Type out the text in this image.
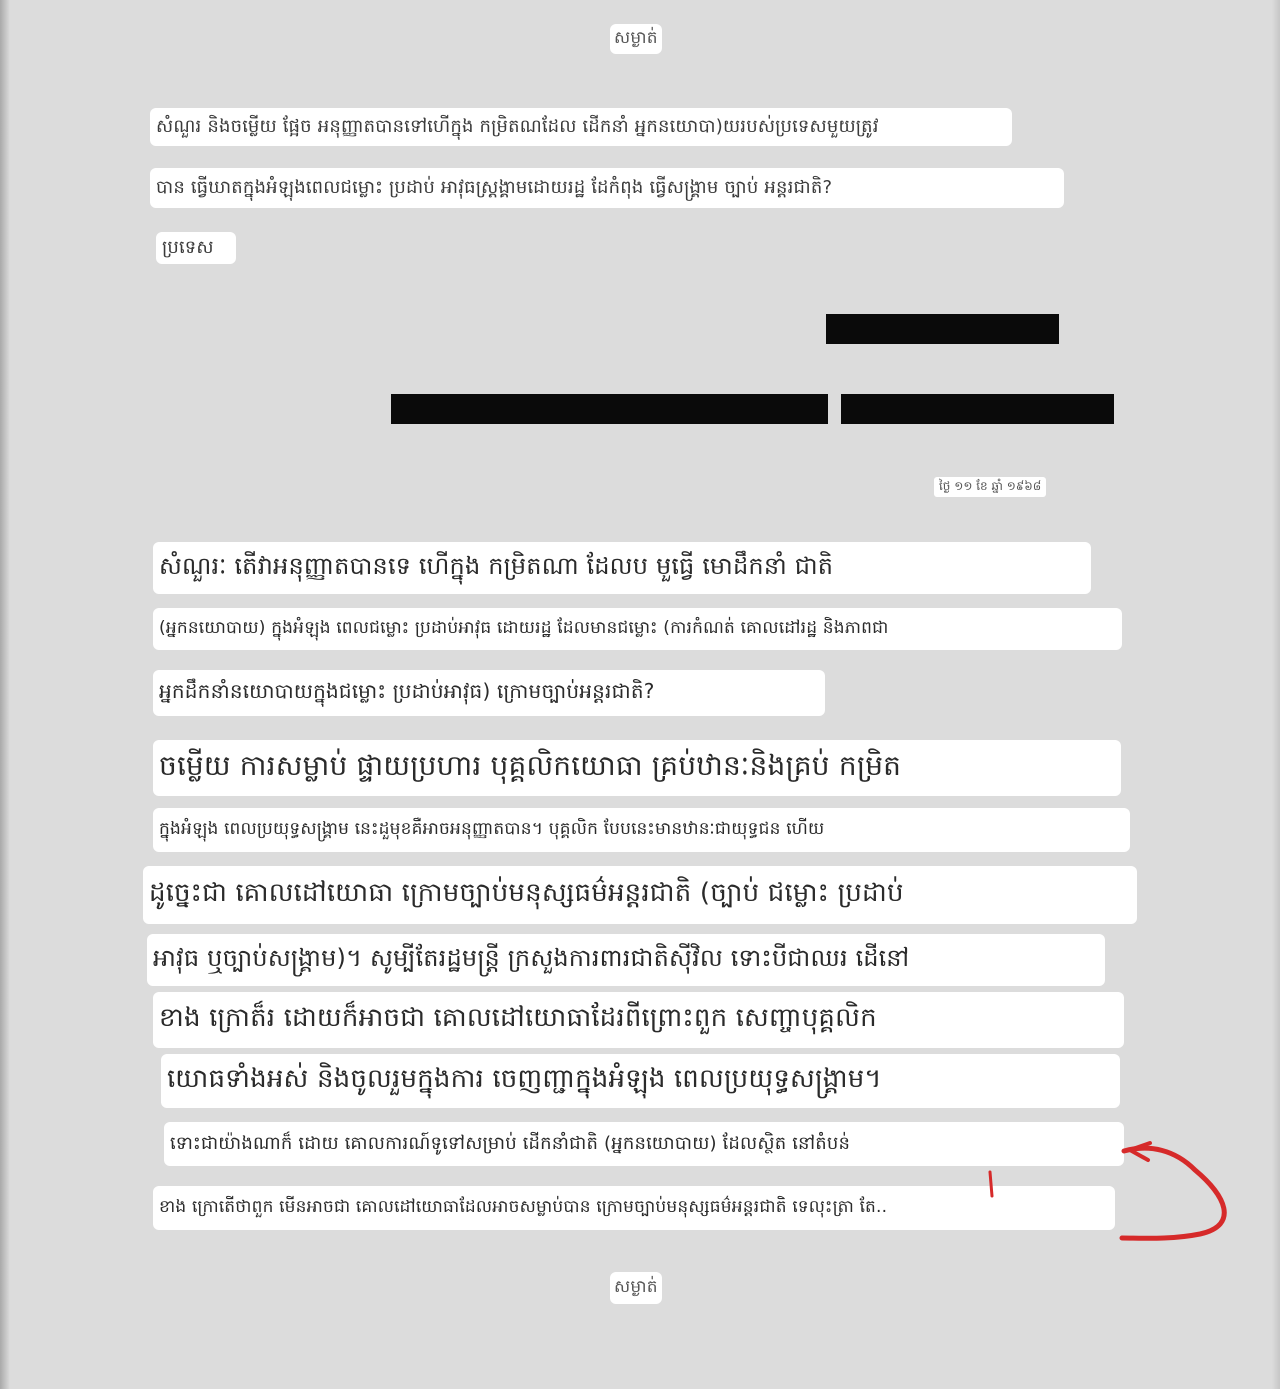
សម្ងាត់
សំណួរ និងចម្លើយ ផ្អែច អនុញ្ញាតបានទៅហើក្នុង កម្រិតណដែល ដើកនាំ អ្នកនយោបា)យរបស់ប្រទេសមួយត្រូវ
បាន ធ្វើឃាតក្នុងអំឡុងពេលជម្លោះ ប្រដាប់ អាវុធស្រ្តង្គាមដោយរដ្ឋ ដែកំពុង ធ្វើសង្គ្រាម ច្បាប់ អន្តរជាតិ?
ប្រទេស
ថ្ងៃ ១១ ខែ ឆ្នាំ ១៩៦៨
សំណួរៈ តើវាអនុញ្ញាតបានទេ ហើក្នុង កម្រិតណា ដែលប មួធ្វើ មោដឹកនាំ ជាតិ
(អ្នកនយោបាយ) ក្នុងអំឡុង ពេលជម្លោះ ប្រដាប់អាវុធ ដោយរដ្ឋ ដែលមានជម្លោះ (ការកំណត់ គោលដៅរដ្ឋ និងភាពជា
អ្នកដឹកនាំនយោបាយក្នុងជម្លោះ ប្រដាប់អាវុធ) ក្រោមច្បាប់អន្តរជាតិ?
ចម្លើយ ការសម្លាប់ ផ្ទាយប្រហារ បុគ្គលិកយោធា គ្រប់ឋានៈនិងគ្រប់ កម្រិត
ក្នុងអំឡុង ពេលប្រយុទ្ធសង្គ្រាម នេះដួមុខគឺអាចអនុញ្ញាតបាន។ បុគ្គលិក បែបនេះមានឋានៈជាយុទ្ធជន ហើយ
ដូច្នេះជា គោលដៅយោធា ក្រោមច្បាប់មនុស្សធម៌អន្តរជាតិ (ច្បាប់ ជម្លោះ ប្រដាប់
អាវុធ ឬច្បាប់សង្គ្រាម)។ សូម្បីតែរដ្ឋមន្ត្រី ក្រសួងការពារជាតិស៊ីវិល ទោះបីជាឈរ ដើនៅ
ខាង ក្រោត៏រ ដោយក៏អាចជា គោលដៅយោធាដែរពីព្រោះពួក សេញ្ចាបុគ្គលិក
យោធទាំងអស់ និងចូលរួមក្នុងការ ចេញញ្ជាក្នុងអំឡុង ពេលប្រយុទ្ធសង្គ្រាម។
ទោះជាយ៉ាងណាក៏ ដោយ គោលការណ៍ទូទៅសម្រាប់ ដើកនាំជាតិ (អ្នកនយោបាយ) ដែលស្ថិត នៅតំបន់
ខាង ក្រោតើថាពួក មើនអាចជា គោលដៅយោធាដែលអាចសម្លាប់បាន ក្រោមច្បាប់មនុស្សធម៌អន្តរជាតិ ទេលុះត្រា តែ..
សម្ងាត់
